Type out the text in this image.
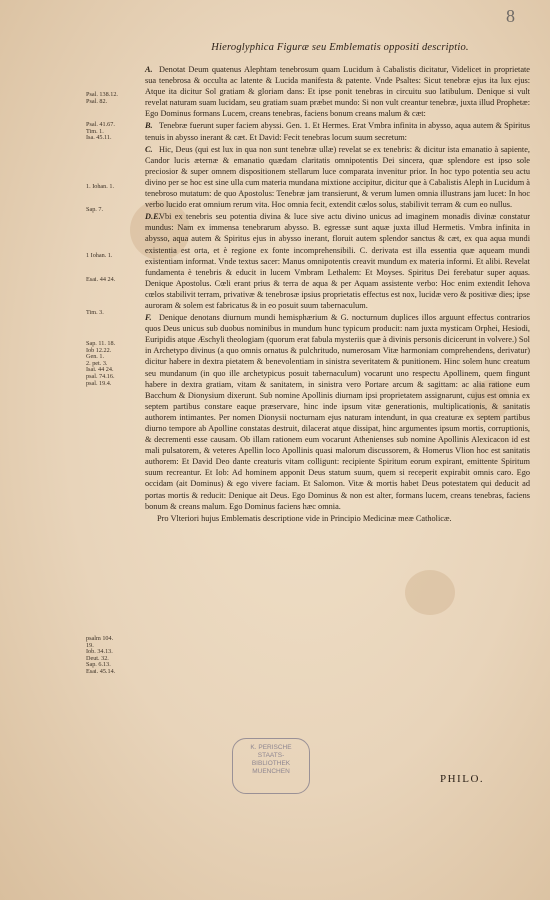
8
Hieroglyphica Figuræ seu Emblematis oppositi descriptio.
Psal. 138.12.
Psal. 82.
Psal. 41.67.
Tim. 1.
Isa. 45.11.
1. Iohan. 1.
Sap. 7.
1 Iohan. 1.
Esai. 44 24.
Tim. 3.
Sap. 11. 18.
Iob 12.22.
Gen. 1.
2. pet. 3.
Isai. 44 24.
psal. 74.16.
psal. 19.4.
psalm 104.
19.
Iob. 34.13.
Deut. 32.
Sap. 6.13.
Esai. 45.14.

A. Denotat Deum quatenus Alephtam tenebrosum quam Lucidum à Cabalistis dicitatur, Videlicet in proprietate sua tenebrosa & occulta ac latente & Lucida manifesta & patente. Vnde Psaltes: Sicut tenebræ ejus ita lux ejus: Atque ita dicitur Sol gratiam & gloriam dans: Et ipse ponit tenebras in circuitu suo latibulum. Denique si vult revelat naturam suam lucidam, seu gratiam suam præbet mundo: Si non vult creantur tenebræ, juxta illud Prophetæ: Ego Dominus formans Lucem, creans tenebras, faciens bonum creans malum & cæt:

B. Tenebræ fuerunt super faciem abyssi. Gen. 1. Et Hermes. Erat Vmbra infinita in abysso, aqua autem & Spiritus tenuis in abysso inerant & cæt. Et David: Fecit tenebras locum suum secretum:

C. Hic, Deus (qui est lux in qua non sunt tenebræ ullæ) revelat se ex tenebris: & dicitur ista emanatio à sapiente, Candor lucis æternæ & emanatio quædam claritatis omnipotentis Dei sincera, quæ splendore est ipso sole preciosior & super omnem dispositionem stellarum luce comparata invenitur prior. In hoc typo potentia seu actu divino per se hoc est sine ulla cum materia mundana mixtione accipitur, dicitur que à Cabalistis Aleph in Lucidum à tenebroso mutatum: de quo Apostolus: Tenebræ jam transierunt, & verum lumen omnia illustrans jam lucet: In hoc verbo lucido erat omnium rerum vita. Hoc omnia fecit, extendit cælos solus, stabilivit terram & cum eo nullus.

D.E.Vbi ex tenebris seu potentia divina & luce sive actu divino unicus ad imaginem monadis divinæ constatur mundus: Nam ex immensa tenebrarum abysso. B. egressæ sunt aquæ juxta illud Hermetis. Vmbra infinita in abysso, aqua autem & Spiritus ejus in abysso inerant, floruit autem splendor sanctus & cæt, ex qua aqua mundi existentia est orta, et è regione ex fonte incomprehensibili. C. derivata est illa essentia quæ aqueam mundi existentiam informat. Vnde textus sacer: Manus omnipotentis creavit mundum ex materia informi. Et alibi. Revelat fundamenta è tenebris & educit in lucem Vmbram Lethalem: Et Moyses. Spiritus Dei ferebatur super aquas. Denique Apostolus. Cœli erant prius & terra de aqua & per Aquam assistente verbo: Hoc enim extendit Iehova cœlos stabilivit terram, privativæ & tenebrosæ ipsius proprietatis effectus est nox, lucidæ vero & positivæ dies; ipse auroram & solem est fabricatus & in eo posuit suum tabernaculum.

F. Denique denotans diurnum mundi hemisphærium & G. nocturnum duplices illos arguunt effectus contrarios quos Deus unicus sub duobus nominibus in mundum hunc typicum producit: nam juxta mysticam Orphei, Hesiodi, Euripidis atque Æschyli theologiam (quorum erat fabula mysteriis quæ à divinis personis dicicerunt in volvere.) Sol in Archetypo divinus (a quo omnis ornatus & pulchritudo, numerosam Vitæ harmoniam comprehendens, derivatur) dicitur habere in dextra pietatem & benevolentiam in sinistra severitatem & punitionem. Hinc solem hunc creatum seu mundanum (in quo ille archetypicus posuit tabernaculum) vocarunt uno respectu Apollinem, quem fingunt habere in dextra gratiam, vitam & sanitatem, in sinistra vero Portare arcum & sagittam: ac alia ratione eum Bacchum & Dionysium dixerunt. Sub nomine Apollinis diurnam ipsi proprietatem assignarunt, cujus est omnia ex septem partibus constare eaque præservare, hinc inde ipsum vitæ generationis, multiplicationis, & sanitatis authorem intimantes. Per nomen Dionysii nocturnam ejus naturam intendunt, in qua creaturæ ex septem partibus diurno tempore ab Apolline constatas destruit, dilacerat atque dissipat, hinc argumentes ipsum mortis, corruptionis, & decrementi esse causam. Ob illam rationem eum vocarunt Athenienses sub nomine Apollinis Alexicacon id est mali pulsatorem, & veteres Apellin loco Apollinis quasi malorum discussorem, & Homerus Vlion hoc est sanitatis authorem: Et David Deo dante creaturis vitam colligunt: recipiente Spiritum eorum expirant, emittente Spiritum suum recreantur. Et Iob: Ad hominem apponit Deus statum suum, quem si receperit expirabit omnis caro. Ego occidam (ait Dominus) & ego vivere faciam. Et Salomon. Vitæ & mortis habet Deus potestatem qui deducit ad portas mortis & reducit: Denique ait Deus. Ego Dominus & non est alter, formans lucem, creans tenebras, faciens bonum & creans malum. Ego Dominus faciens hæc omnia.

Pro Vlteriori hujus Emblematis descriptione vide in Principio Medicinæ meæ Catholicæ.

K. PERISCHE
STAATS-
BIBLIOTHEK
MUENCHEN
PHILO.
